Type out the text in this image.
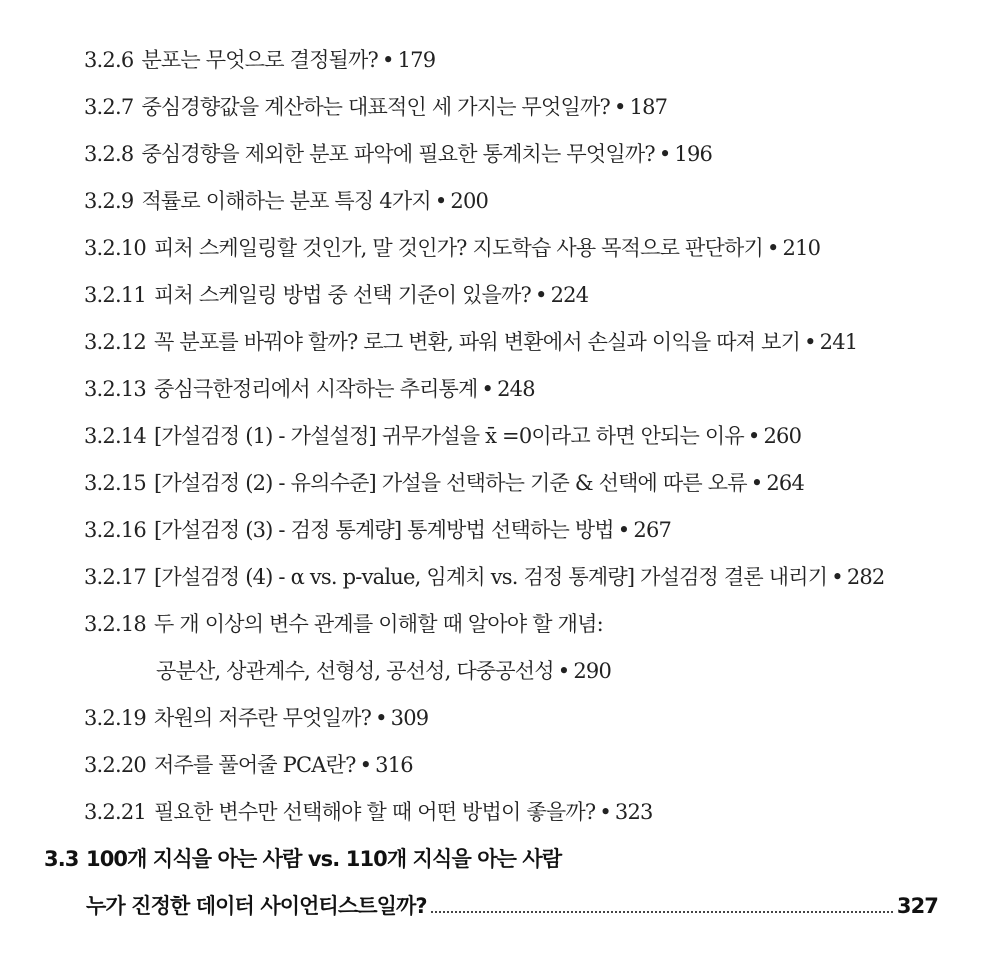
3.2.6 분포는 무엇으로 결정될까? • 179
3.2.7 중심경향값을 계산하는 대표적인 세 가지는 무엇일까? • 187
3.2.8 중심경향을 제외한 분포 파악에 필요한 통계치는 무엇일까? • 196
3.2.9 적률로 이해하는 분포 특징 4가지 • 200
3.2.10 피처 스케일링할 것인가, 말 것인가? 지도학습 사용 목적으로 판단하기 • 210
3.2.11 피처 스케일링 방법 중 선택 기준이 있을까? • 224
3.2.12 꼭 분포를 바꿔야 할까? 로그 변환, 파워 변환에서 손실과 이익을 따져 보기 • 241
3.2.13 중심극한정리에서 시작하는 추리통계 • 248
3.2.14 [가설검정 (1) - 가설설정] 귀무가설을 x̄ =0이라고 하면 안되는 이유 • 260
3.2.15 [가설검정 (2) - 유의수준] 가설을 선택하는 기준 & 선택에 따른 오류 • 264
3.2.16 [가설검정 (3) - 검정 통계량] 통계방법 선택하는 방법 • 267
3.2.17 [가설검정 (4) - α vs. p-value, 임계치 vs. 검정 통계량] 가설검정 결론 내리기 • 282
3.2.18 두 개 이상의 변수 관계를 이해할 때 알아야 할 개념:
공분산, 상관계수, 선형성, 공선성, 다중공선성 • 290
3.2.19 차원의 저주란 무엇일까? • 309
3.2.20 저주를 풀어줄 PCA란? • 316
3.2.21 필요한 변수만 선택해야 할 때 어떤 방법이 좋을까? • 323
3.3 100개 지식을 아는 사람 vs. 110개 지식을 아는 사람
누가 진정한 데이터 사이언티스트일까?	327
